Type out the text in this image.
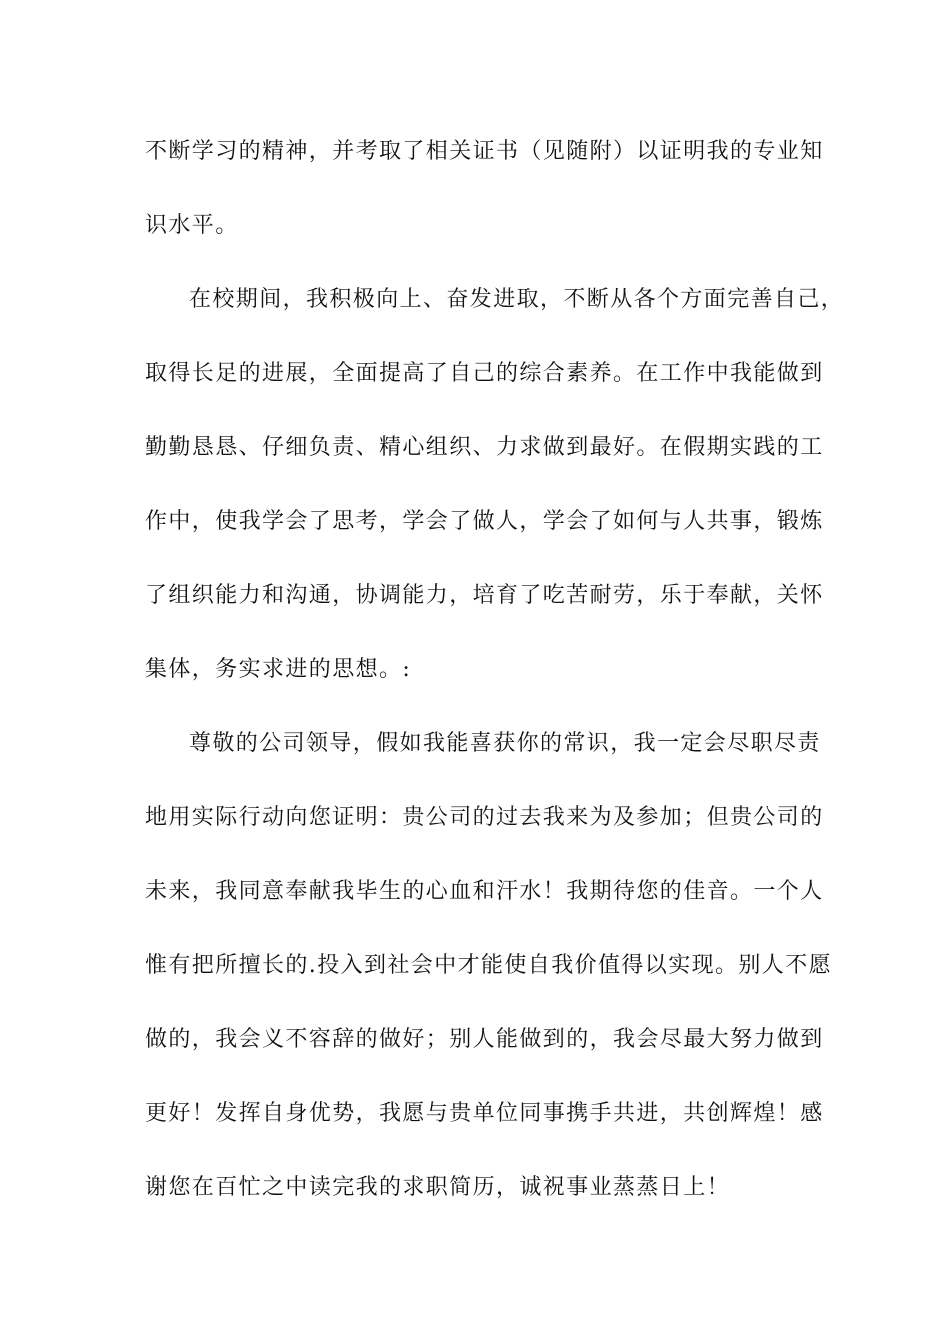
不断学习的精神，并考取了相关证书（见随附）以证明我的专业知
识水平。
在校期间，我积极向上、奋发进取，不断从各个方面完善自己，
取得长足的进展，全面提高了自己的综合素养。在工作中我能做到
勤勤恳恳、仔细负责、精心组织、力求做到最好。在假期实践的工
作中，使我学会了思考，学会了做人，学会了如何与人共事，锻炼
了组织能力和沟通，协调能力，培育了吃苦耐劳，乐于奉献，关怀
集体，务实求进的思想。:
尊敬的公司领导，假如我能喜获你的常识，我一定会尽职尽责
地用实际行动向您证明：贵公司的过去我来为及参加；但贵公司的
未来，我同意奉献我毕生的心血和汗水！我期待您的佳音。一个人
惟有把所擅长的.投入到社会中才能使自我价值得以实现。别人不愿
做的，我会义不容辞的做好；别人能做到的，我会尽最大努力做到
更好！发挥自身优势，我愿与贵单位同事携手共进，共创辉煌！感
谢您在百忙之中读完我的求职简历，诚祝事业蒸蒸日上！
